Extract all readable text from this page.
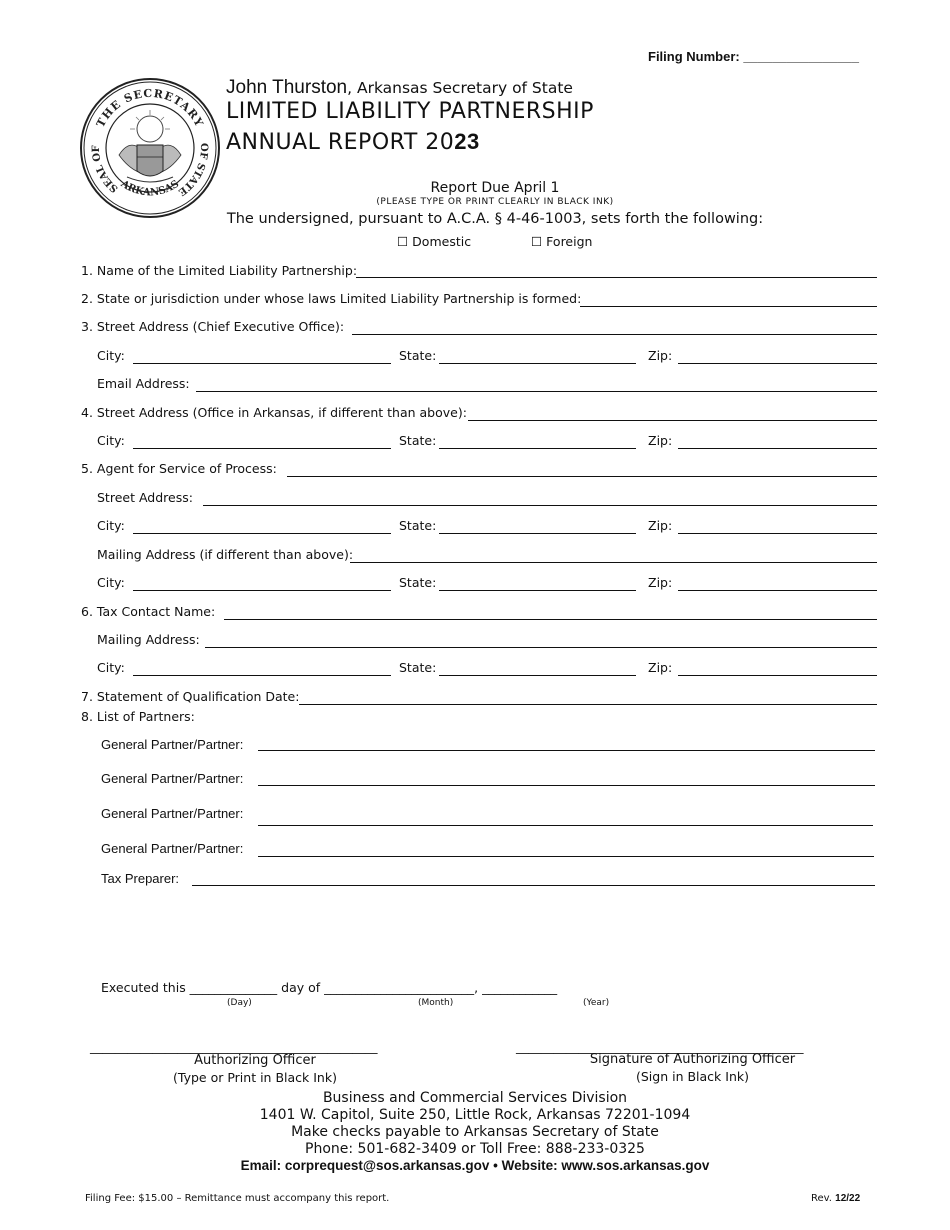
Filing Number: ________________
THE SECRETARY
SEAL OF	OF STATE
ARKANSAS
John Thurston, Arkansas Secretary of State
LIMITED LIABILITY PARTNERSHIP
ANNUAL REPORT 2023
Report Due April 1
(PLEASE TYPE OR PRINT CLEARLY IN BLACK INK)
The undersigned, pursuant to A.C.A. § 4-46-1003, sets forth the following:
☐ Domestic	☐ Foreign
1. Name of the Limited Liability Partnership:
2. State or jurisdiction under whose laws Limited Liability Partnership is formed:
3. Street Address (Chief Executive Office):
City:	State:	Zip:
Email Address:
4. Street Address (Office in Arkansas, if different than above):
City:	State:	Zip:
5. Agent for Service of Process:
Street Address:
City:	State:	Zip:
Mailing Address (if different than above):
City:	State:	Zip:
6. Tax Contact Name:
Mailing Address:
City:	State:	Zip:
7. Statement of Qualification Date:
8. List of Partners:
General Partner/Partner:
General Partner/Partner:
General Partner/Partner:
General Partner/Partner:
Tax Preparer:
Executed this ______________ day of ________________________, ____________
(Day)	(Month)	(Year)
______________________________________________
Authorizing Officer
(Type or Print in Black Ink)
______________________________________________
Signature of Authorizing Officer
(Sign in Black Ink)
Business and Commercial Services Division
1401 W. Capitol, Suite 250, Little Rock, Arkansas 72201-1094
Make checks payable to Arkansas Secretary of State
Phone: 501-682-3409 or Toll Free: 888-233-0325
Email: corprequest@sos.arkansas.gov • Website: www.sos.arkansas.gov
Filing Fee: $15.00 – Remittance must accompany this report.	Rev. 12/22
